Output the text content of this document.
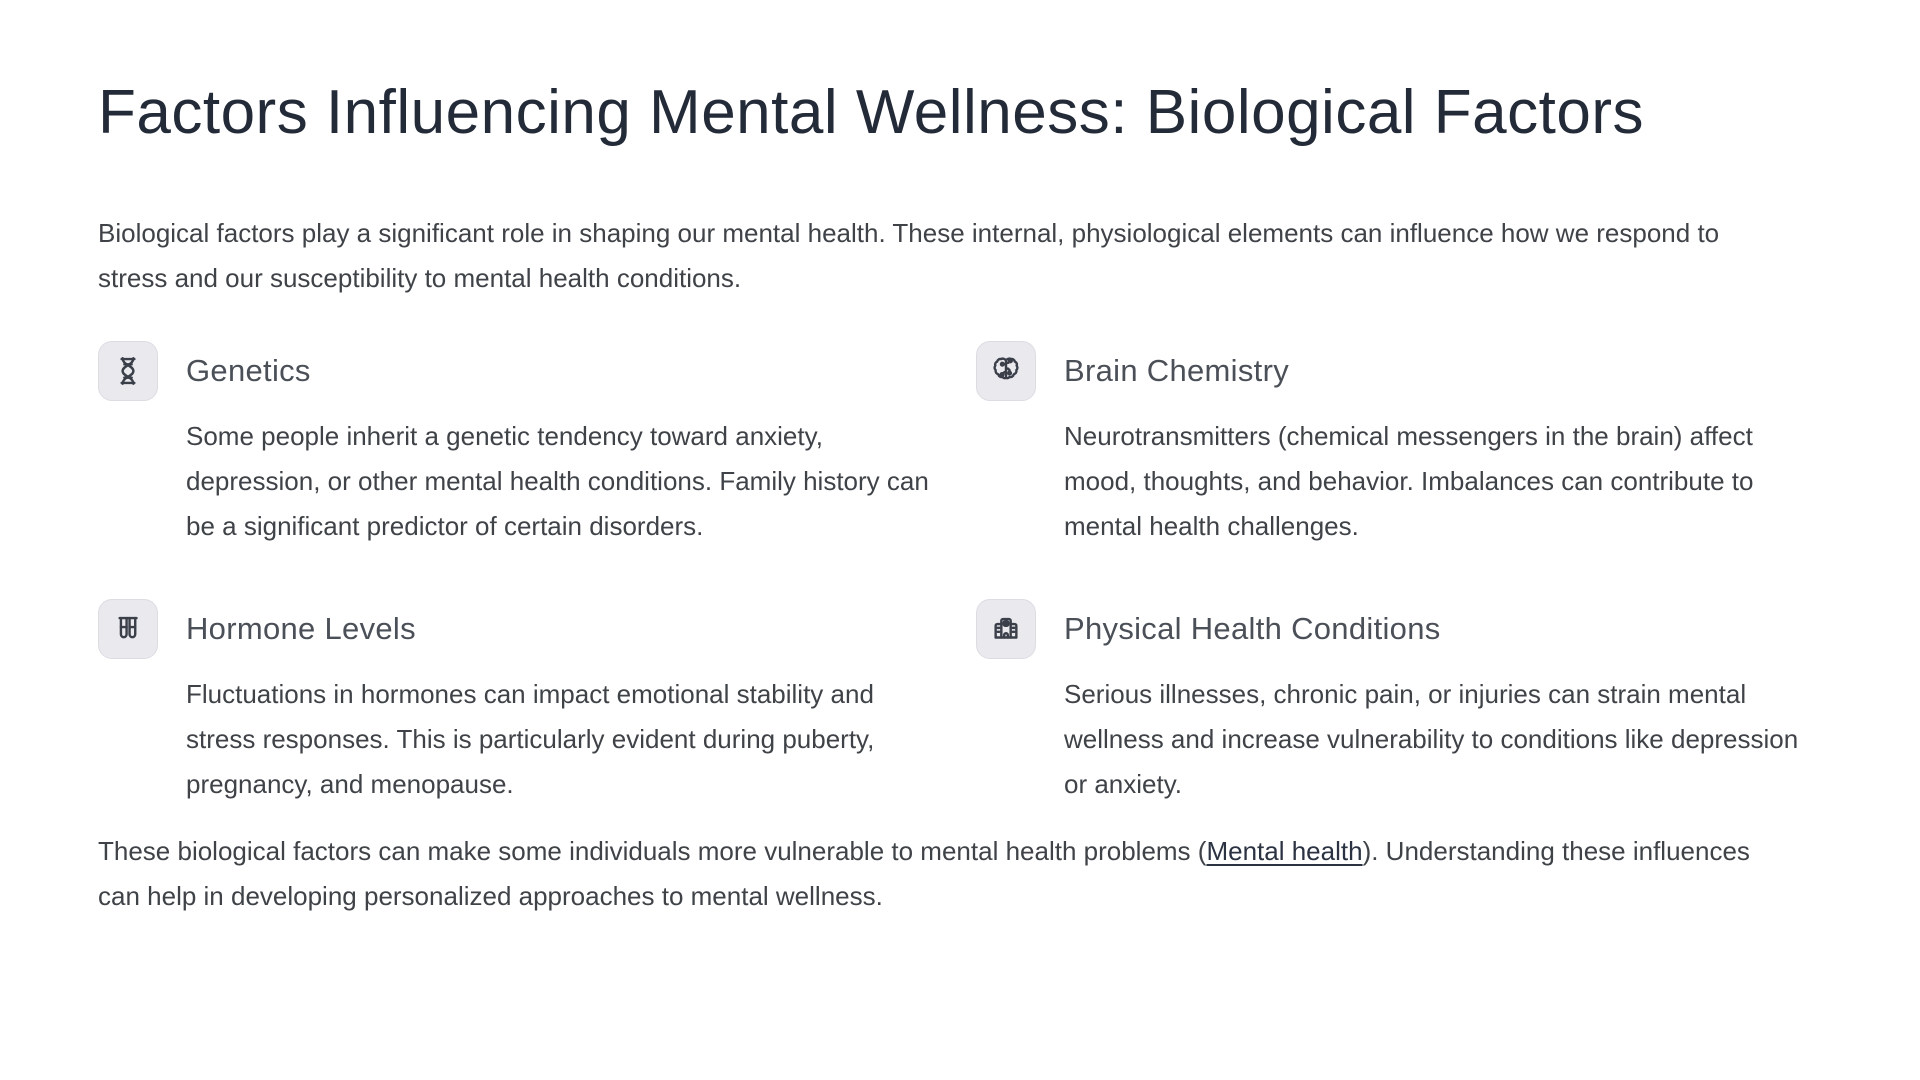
Factors Influencing Mental Wellness: Biological Factors

Biological factors play a significant role in shaping our mental health. These internal, physiological elements can influence how we respond to stress and our susceptibility to mental health conditions.

Genetics

Some people inherit a genetic tendency toward anxiety, depression, or other mental health conditions. Family history can be a significant predictor of certain disorders.

Brain Chemistry

Neurotransmitters (chemical messengers in the brain) affect mood, thoughts, and behavior. Imbalances can contribute to mental health challenges.

Hormone Levels

Fluctuations in hormones can impact emotional stability and stress responses. This is particularly evident during puberty, pregnancy, and menopause.

Physical Health Conditions

Serious illnesses, chronic pain, or injuries can strain mental wellness and increase vulnerability to conditions like depression or anxiety.

These biological factors can make some individuals more vulnerable to mental health problems (Mental health). Understanding these influences can help in developing personalized approaches to mental wellness.
